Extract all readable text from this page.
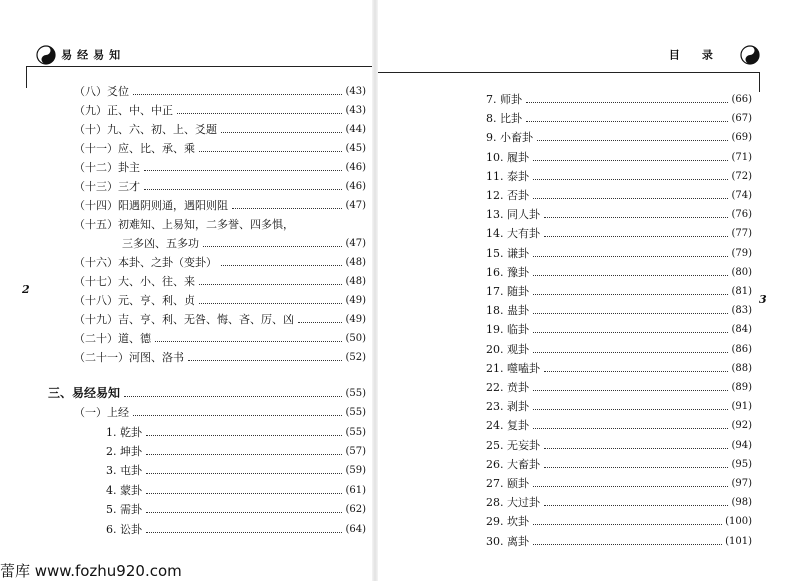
易经易知
2
（八）爻位	(43)
（九）正、中、中正	(43)
（十）九、六、初、上、爻题	(44)
（十一）应、比、承、乘	(45)
（十二）卦主	(46)
（十三）三才	(46)
（十四）阳遇阴则通，遇阳则阻	(47)
（十五）初难知、上易知，二多誉、四多惧，
三多凶、五多功	(47)
（十六）本卦、之卦（变卦）	(48)
（十七）大、小、往、来	(48)
（十八）元、亨、利、贞	(49)
（十九）吉、亨、利、无咎、悔、吝、厉、凶	(49)
（二十）道、德	(50)
（二十一）河图、洛书	(52)
三、易经易知	(55)
（一）上经	(55)
1. 乾卦	(55)
2. 坤卦	(57)
3. 屯卦	(59)
4. 蒙卦	(61)
5. 需卦	(62)
6. 讼卦	(64)
目录
3
7. 师卦	(66)
8. 比卦	(67)
9. 小畜卦	(69)
10. 履卦	(71)
11. 泰卦	(72)
12. 否卦	(74)
13. 同人卦	(76)
14. 大有卦	(77)
15. 谦卦	(79)
16. 豫卦	(80)
17. 随卦	(81)
18. 蛊卦	(83)
19. 临卦	(84)
20. 观卦	(86)
21. 噬嗑卦	(88)
22. 贲卦	(89)
23. 剥卦	(91)
24. 复卦	(92)
25. 无妄卦	(94)
26. 大畜卦	(95)
27. 颐卦	(97)
28. 大过卦	(98)
29. 坎卦	(100)
30. 离卦	(101)
蕾库 www.fozhu920.com
